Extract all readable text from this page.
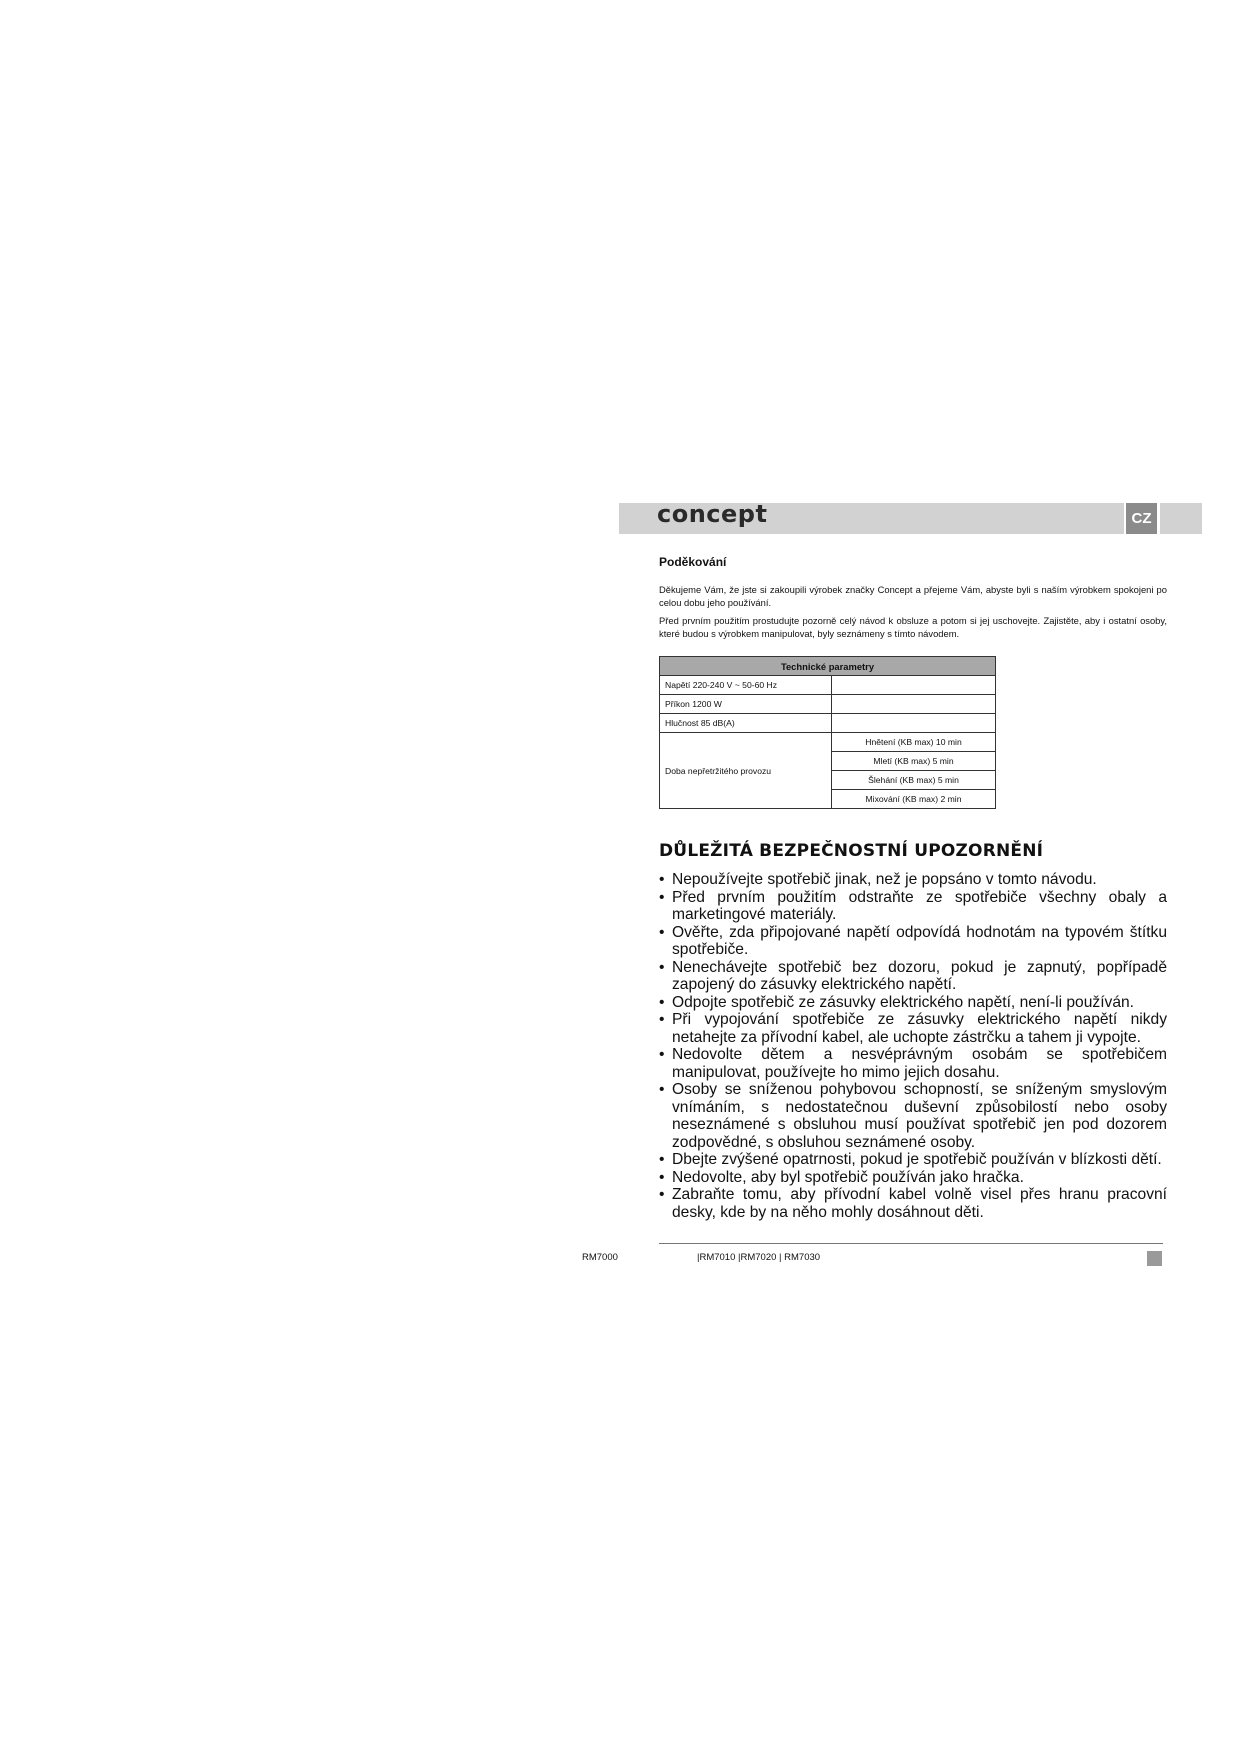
concept	CZ
Poděkování

Děkujeme Vám, že jste si zakoupili výrobek značky Concept a přejeme Vám, abyste byli s naším výrobkem spokojeni po celou dobu jeho používání.

Před prvním použitím prostudujte pozorně celý návod k obsluze a potom si jej uschovejte. Zajistěte, aby i ostatní osoby, které budou s výrobkem manipulovat, byly seznámeny s tímto návodem.

Technické parametry	
Napětí 220-240 V ~ 50-60 Hz	
Příkon 1200 W	
Hlučnost 85 dB(A)	
Doba nepřetržitého provozu	Hnětení (KB max) 10 min
	Mletí (KB max) 5 min
	Šlehání (KB max) 5 min
	Mixování (KB max) 2 min
DŮLEŽITÁ BEZPEČNOSTNÍ UPOZORNĚNÍ
• Nepoužívejte spotřebič jinak, než je popsáno v tomto návodu.
• Před prvním použitím odstraňte ze spotřebiče všechny obaly a marketingové materiály.
• Ověřte, zda připojované napětí odpovídá hodnotám na typovém štítku spotřebiče.
• Nenechávejte spotřebič bez dozoru, pokud je zapnutý, popřípadě zapojený do zásuvky elektrického napětí.
• Odpojte spotřebič ze zásuvky elektrického napětí, není-li používán.
• Při vypojování spotřebiče ze zásuvky elektrického napětí nikdy netahejte za přívodní kabel, ale uchopte zástrčku a tahem ji vypojte.
• Nedovolte dětem a nesvéprávným osobám se spotřebičem manipulovat, používejte ho mimo jejich dosahu.
• Osoby se sníženou pohybovou schopností, se sníženým smyslovým vnímáním, s nedostatečnou duševní způsobilostí nebo osoby neseznámené s obsluhou musí používat spotřebič jen pod dozorem zodpovědné, s obsluhou seznámené osoby.
• Dbejte zvýšené opatrnosti, pokud je spotřebič používán v blízkosti dětí.
• Nedovolte, aby byl spotřebič používán jako hračka.
• Zabraňte tomu, aby přívodní kabel volně visel přes hranu pracovní desky, kde by na něho mohly dosáhnout děti.
RM7000	|RM7010 |RM7020 | RM7030
